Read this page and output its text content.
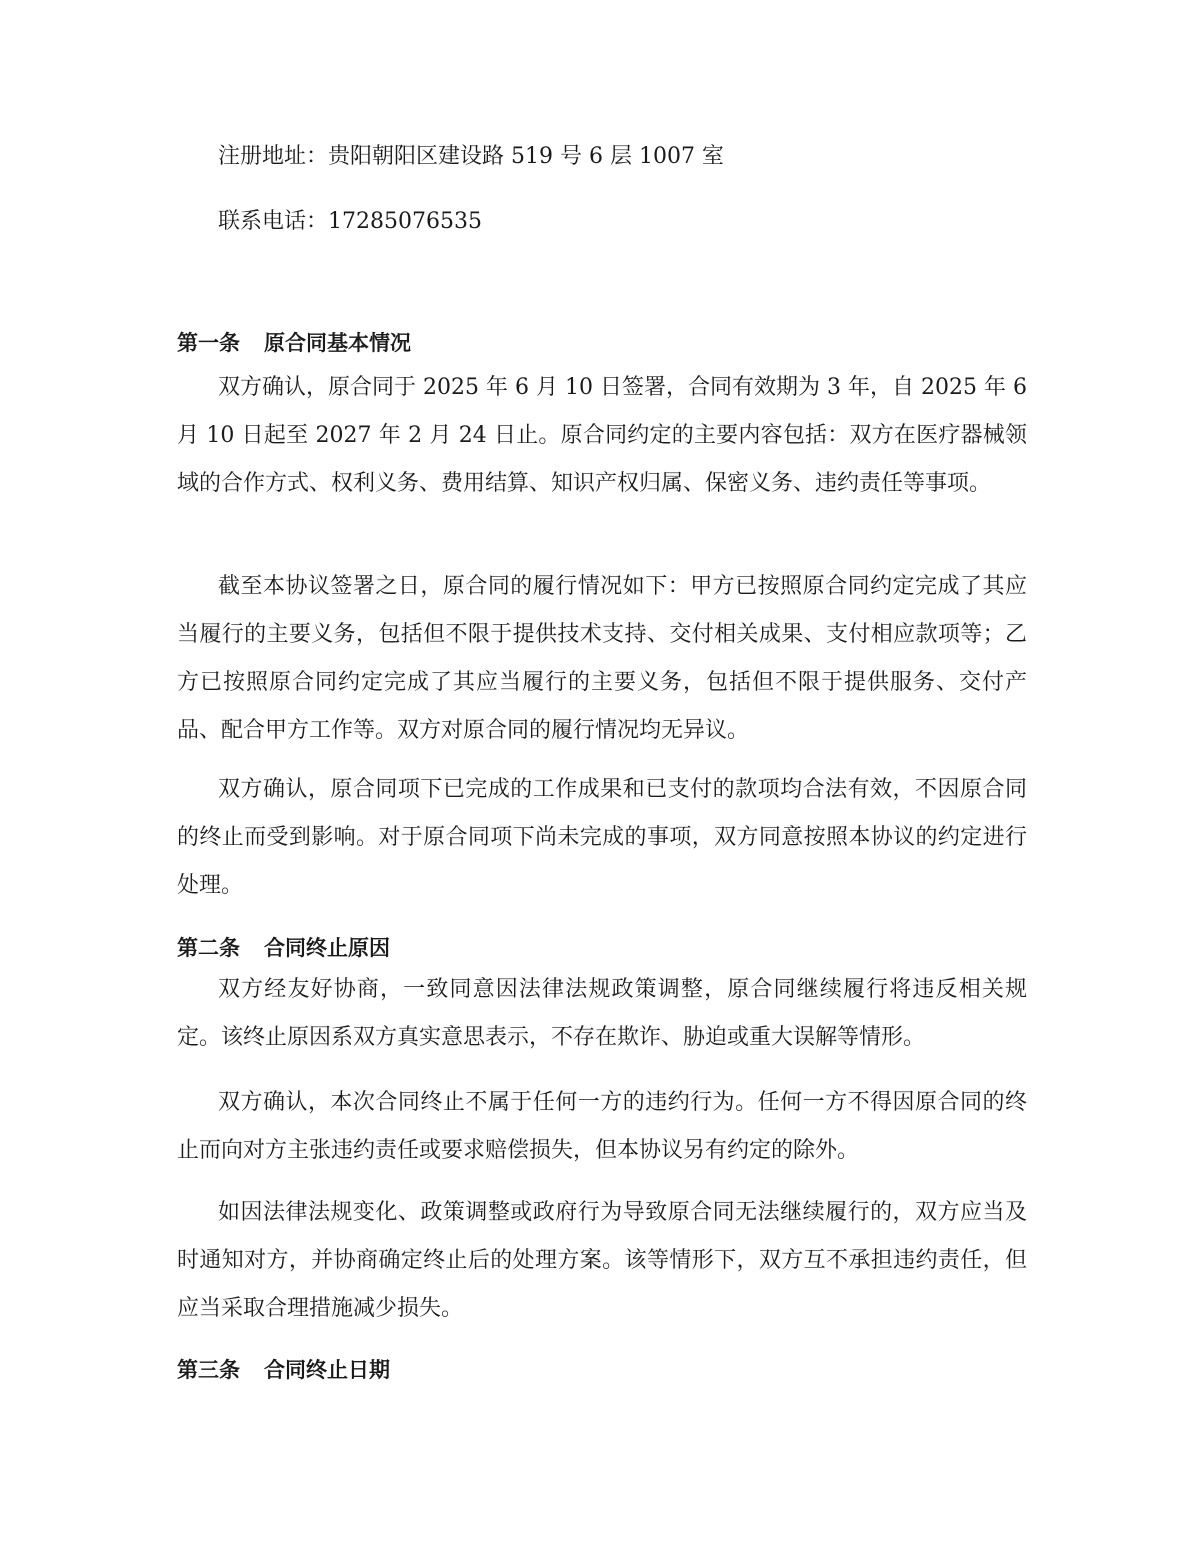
注册地址：贵阳朝阳区建设路 519 号 6 层 1007 室
联系电话：17285076535
第一条 原合同基本情况

双方确认，原合同于 2025 年 6 月 10 日签署，合同有效期为 3 年，自 2025 年 6 月 10 日起至 2027 年 2 月 24 日止。原合同约定的主要内容包括：双方在医疗器械领域的合作方式、权利义务、费用结算、知识产权归属、保密义务、违约责任等事项。

截至本协议签署之日，原合同的履行情况如下：甲方已按照原合同约定完成了其应当履行的主要义务，包括但不限于提供技术支持、交付相关成果、支付相应款项等；乙方已按照原合同约定完成了其应当履行的主要义务，包括但不限于提供服务、交付产品、配合甲方工作等。双方对原合同的履行情况均无异议。

双方确认，原合同项下已完成的工作成果和已支付的款项均合法有效，不因原合同的终止而受到影响。对于原合同项下尚未完成的事项，双方同意按照本协议的约定进行处理。

第二条 合同终止原因

双方经友好协商，一致同意因法律法规政策调整，原合同继续履行将违反相关规定。该终止原因系双方真实意思表示，不存在欺诈、胁迫或重大误解等情形。

双方确认，本次合同终止不属于任何一方的违约行为。任何一方不得因原合同的终止而向对方主张违约责任或要求赔偿损失，但本协议另有约定的除外。

如因法律法规变化、政策调整或政府行为导致原合同无法继续履行的，双方应当及时通知对方，并协商确定终止后的处理方案。该等情形下，双方互不承担违约责任，但应当采取合理措施减少损失。

第三条 合同终止日期
